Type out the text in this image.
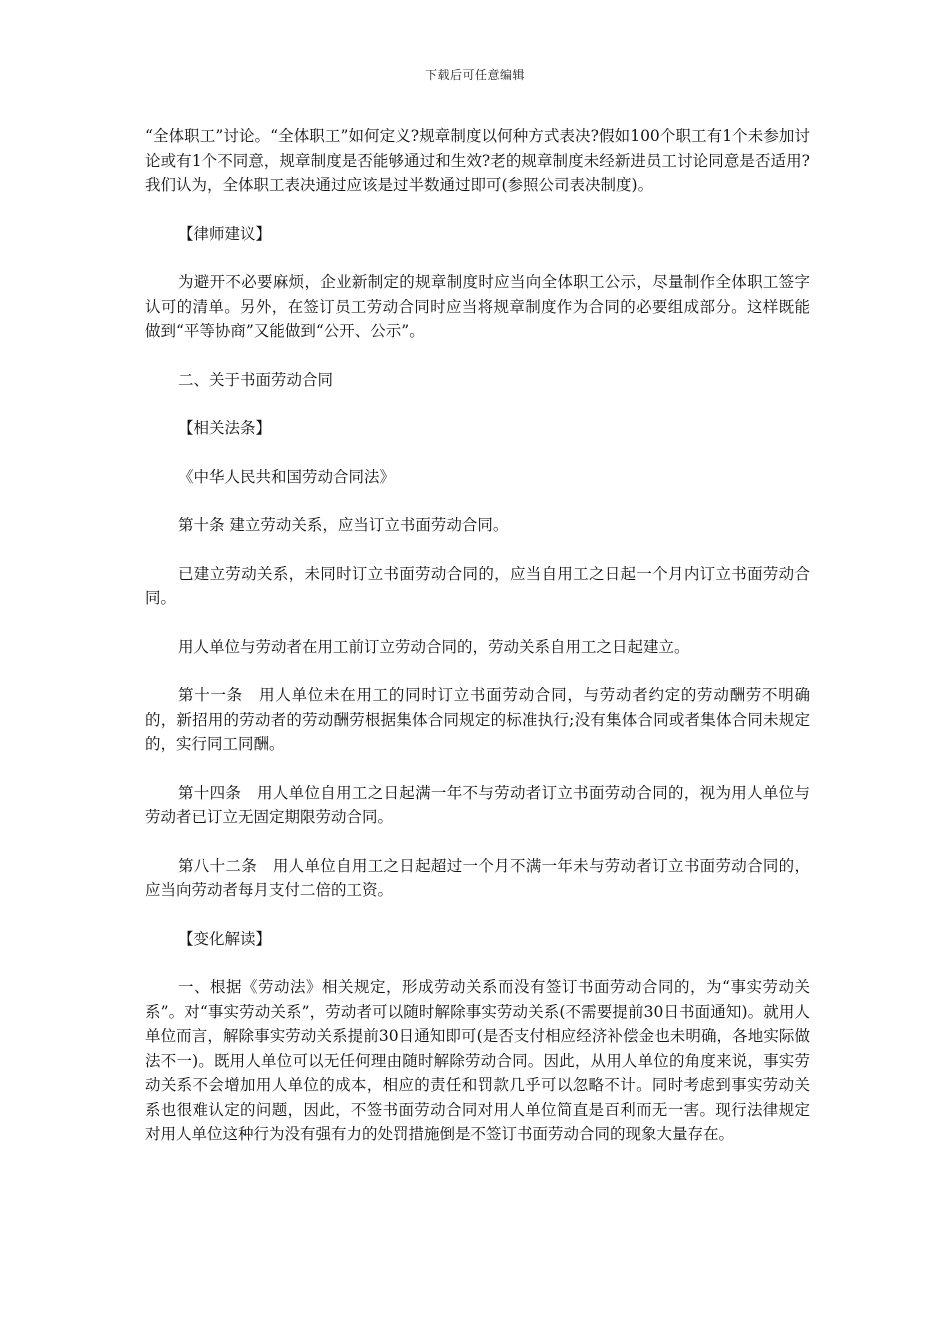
下载后可任意编辑

“全体职工”讨论。“全体职工”如何定义?规章制度以何种方式表决?假如100个职工有1个未参加讨论或有1个不同意，规章制度是否能够通过和生效?老的规章制度未经新进员工讨论同意是否适用?我们认为，全体职工表决通过应该是过半数通过即可(参照公司表决制度)。

【律师建议】

为避开不必要麻烦，企业新制定的规章制度时应当向全体职工公示，尽量制作全体职工签字认可的清单。另外，在签订员工劳动合同时应当将规章制度作为合同的必要组成部分。这样既能做到“平等协商”又能做到“公开、公示”。

二、关于书面劳动合同

【相关法条】

《中华人民共和国劳动合同法》

第十条 建立劳动关系，应当订立书面劳动合同。

已建立劳动关系，未同时订立书面劳动合同的，应当自用工之日起一个月内订立书面劳动合同。

用人单位与劳动者在用工前订立劳动合同的，劳动关系自用工之日起建立。

第十一条　用人单位未在用工的同时订立书面劳动合同，与劳动者约定的劳动酬劳不明确的，新招用的劳动者的劳动酬劳根据集体合同规定的标准执行;没有集体合同或者集体合同未规定的，实行同工同酬。

第十四条　用人单位自用工之日起满一年不与劳动者订立书面劳动合同的，视为用人单位与劳动者已订立无固定期限劳动合同。

第八十二条　用人单位自用工之日起超过一个月不满一年未与劳动者订立书面劳动合同的，应当向劳动者每月支付二倍的工资。

【变化解读】

一、根据《劳动法》相关规定，形成劳动关系而没有签订书面劳动合同的，为“事实劳动关系”。对“事实劳动关系”，劳动者可以随时解除事实劳动关系(不需要提前30日书面通知)。就用人单位而言，解除事实劳动关系提前30日通知即可(是否支付相应经济补偿金也未明确，各地实际做法不一)。既用人单位可以无任何理由随时解除劳动合同。因此，从用人单位的角度来说，事实劳动关系不会增加用人单位的成本，相应的责任和罚款几乎可以忽略不计。同时考虑到事实劳动关系也很难认定的问题，因此，不签书面劳动合同对用人单位简直是百利而无一害。现行法律规定对用人单位这种行为没有强有力的处罚措施倒是不签订书面劳动合同的现象大量存在。
